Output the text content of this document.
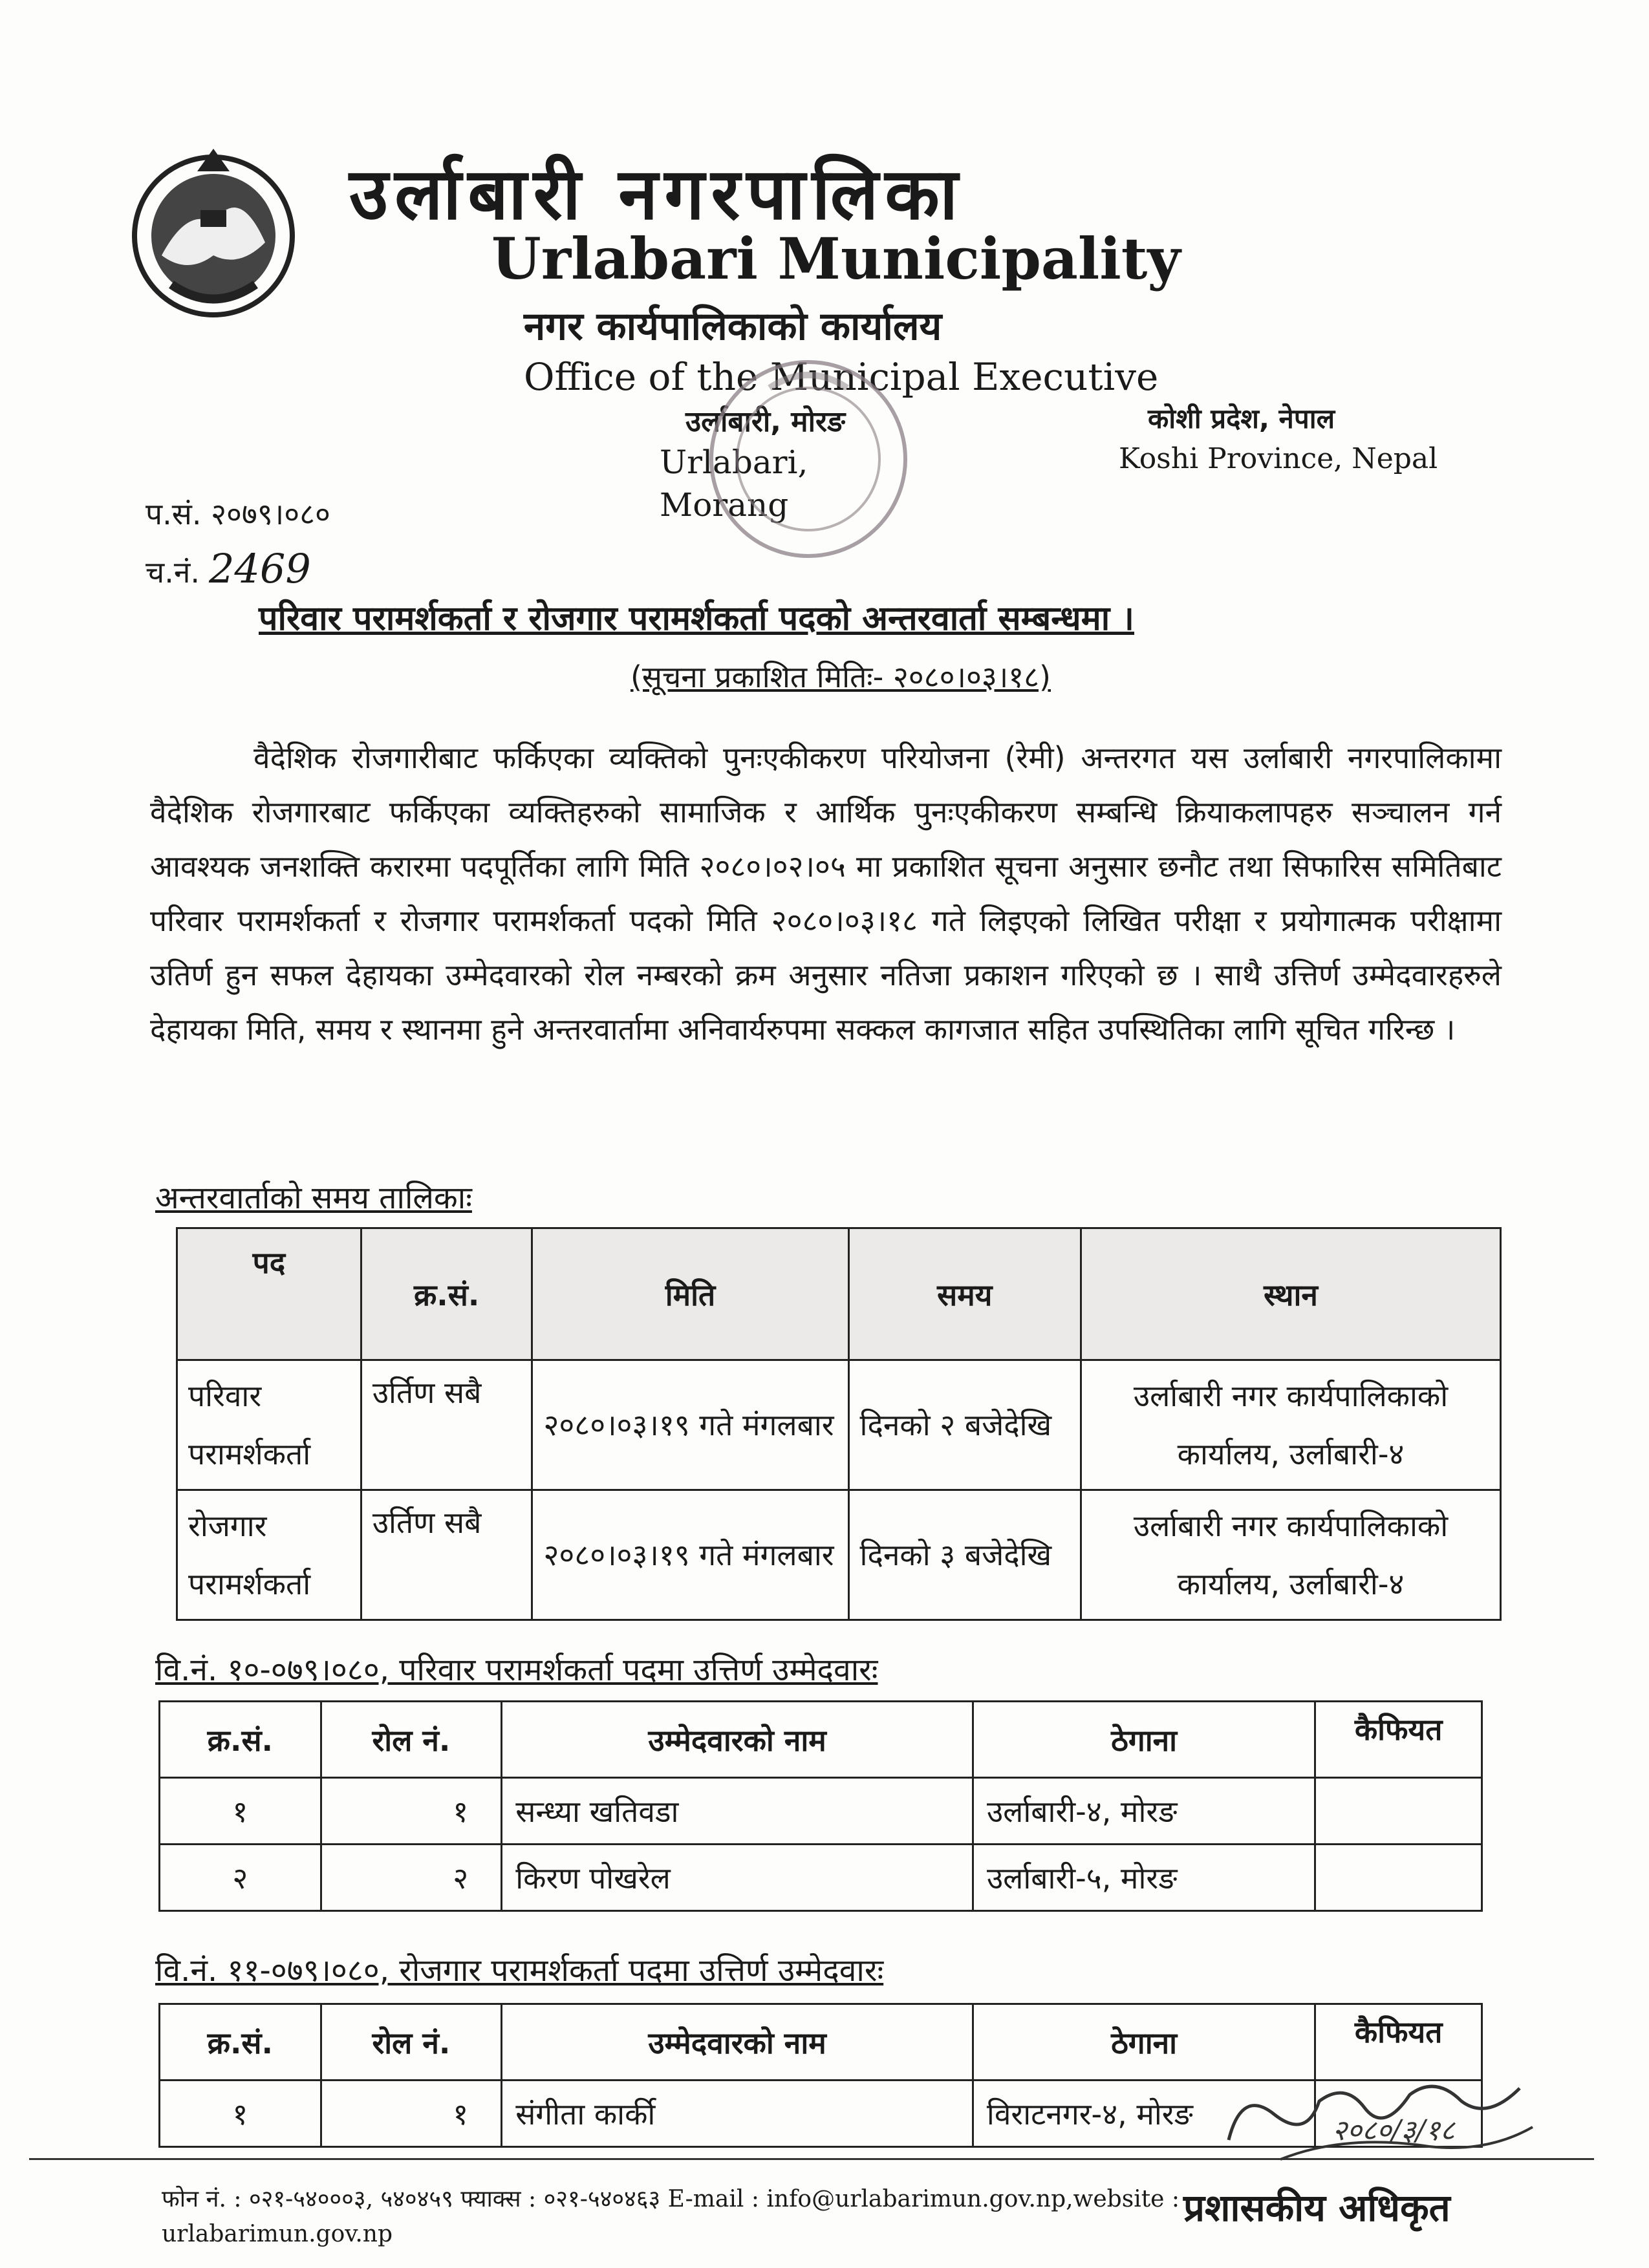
उर्लाबारी नगरपालिका
Urlabari Municipality
नगर कार्यपालिकाको कार्यालय
Office of the Municipal Executive
उर्लाबारी, मोरङ
Urlabari, Morang
कोशी प्रदेश, नेपाल
Koshi Province, Nepal
प.सं. २०७९।०८०
च.नं. 2469
परिवार परामर्शकर्ता र रोजगार परामर्शकर्ता पदको अन्तरवार्ता सम्बन्धमा ।
(सूचना प्रकाशित मितिः- २०८०।०३।१८)
वैदेशिक रोजगारीबाट फर्किएका व्यक्तिको पुनःएकीकरण परियोजना (रेमी) अन्तरगत यस उर्लाबारी नगरपालिकामा वैदेशिक रोजगारबाट फर्किएका व्यक्तिहरुको सामाजिक र आर्थिक पुनःएकीकरण सम्बन्धि क्रियाकलापहरु सञ्चालन गर्न आवश्यक जनशक्ति करारमा पदपूर्तिका लागि मिति २०८०।०२।०५ मा प्रकाशित सूचना अनुसार छनौट तथा सिफारिस समितिबाट परिवार परामर्शकर्ता र रोजगार परामर्शकर्ता पदको मिति २०८०।०३।१८ गते लिइएको लिखित परीक्षा र प्रयोगात्मक परीक्षामा उतिर्ण हुन सफल देहायका उम्मेदवारको रोल नम्बरको क्रम अनुसार नतिजा प्रकाशन गरिएको छ । साथै उत्तिर्ण उम्मेदवारहरुले देहायका मिति, समय र स्थानमा हुने अन्तरवार्तामा अनिवार्यरुपमा सक्कल कागजात सहित उपस्थितिका लागि सूचित गरिन्छ ।
अन्तरवार्ताको समय तालिकाः
पद	क्र.सं.	मिति	समय	स्थान
परिवार परामर्शकर्ता	उर्तिण सबै	२०८०।०३।१९ गते मंगलबार	दिनको २ बजेदेखि	उर्लाबारी नगर कार्यपालिकाको कार्यालय, उर्लाबारी-४
रोजगार परामर्शकर्ता	उर्तिण सबै	२०८०।०३।१९ गते मंगलबार	दिनको ३ बजेदेखि	उर्लाबारी नगर कार्यपालिकाको कार्यालय, उर्लाबारी-४
वि.नं. १०-०७९।०८०, परिवार परामर्शकर्ता पदमा उत्तिर्ण उम्मेदवारः
क्र.सं.	रोल नं.	उम्मेदवारको नाम	ठेगाना	कैफियत
१	१	सन्ध्या खतिवडा	उर्लाबारी-४, मोरङ	
२	२	किरण पोखरेल	उर्लाबारी-५, मोरङ	
वि.नं. ११-०७९।०८०, रोजगार परामर्शकर्ता पदमा उत्तिर्ण उम्मेदवारः
क्र.सं.	रोल नं.	उम्मेदवारको नाम	ठेगाना	कैफियत
१	१	संगीता कार्की	विराटनगर-४, मोरङ	
फोन नं. : ०२१-५४०००३, ५४०४५९ फ्याक्स : ०२१-५४०४६३ E-mail : info@urlabarimun.gov.np,website : urlabarimun.gov.np
२०८०/३/१८
प्रशासकीय अधिकृत
